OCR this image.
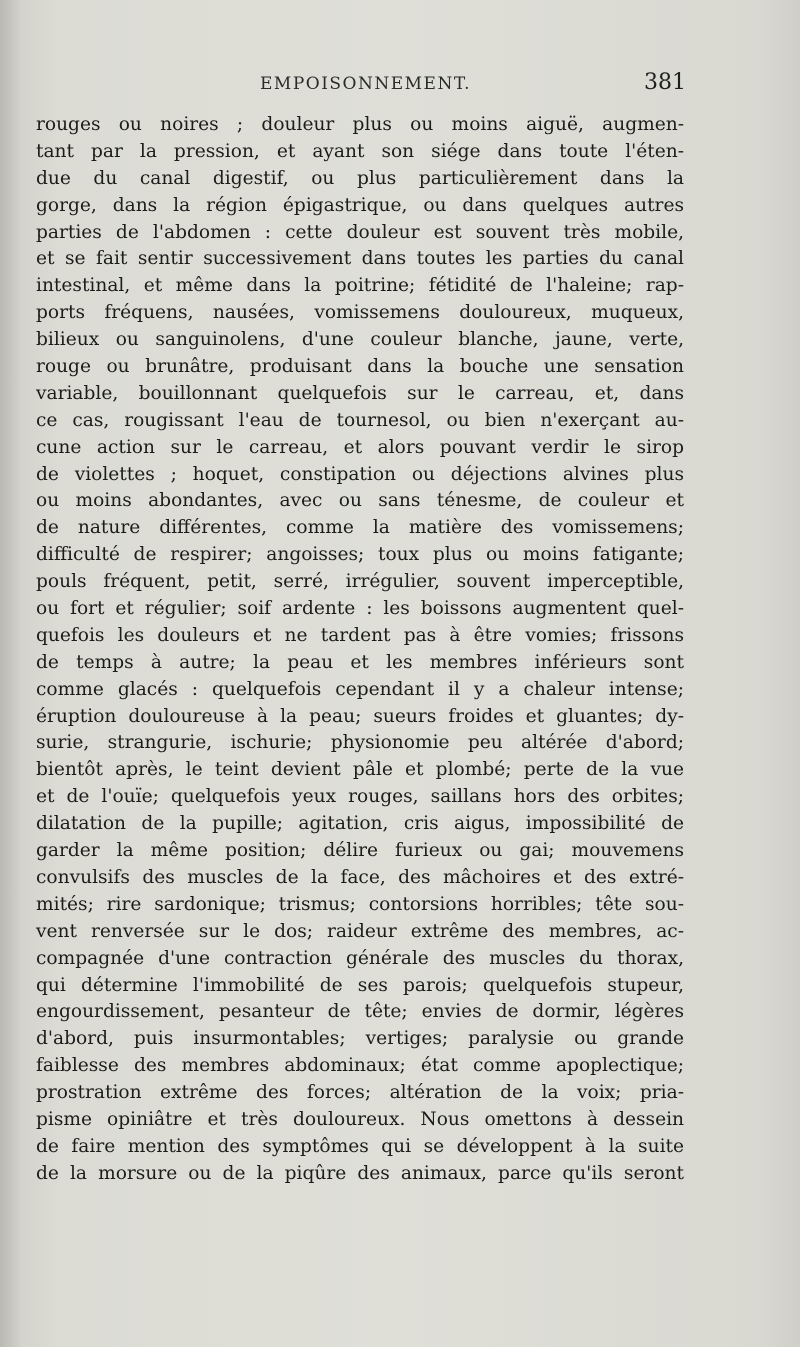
EMPOISONNEMENT.	381
rouges ou noires ; douleur plus ou moins aiguë, augmen-
tant par la pression, et ayant son siége dans toute l'éten-
due du canal digestif, ou plus particulièrement dans la
gorge, dans la région épigastrique, ou dans quelques autres
parties de l'abdomen : cette douleur est souvent très mobile,
et se fait sentir successivement dans toutes les parties du canal
intestinal, et même dans la poitrine; fétidité de l'haleine; rap-
ports fréquens, nausées, vomissemens douloureux, muqueux,
bilieux ou sanguinolens, d'une couleur blanche, jaune, verte,
rouge ou brunâtre, produisant dans la bouche une sensation
variable, bouillonnant quelquefois sur le carreau, et, dans
ce cas, rougissant l'eau de tournesol, ou bien n'exerçant au-
cune action sur le carreau, et alors pouvant verdir le sirop
de violettes ; hoquet, constipation ou déjections alvines plus
ou moins abondantes, avec ou sans ténesme, de couleur et
de nature différentes, comme la matière des vomissemens;
difficulté de respirer; angoisses; toux plus ou moins fatigante;
pouls fréquent, petit, serré, irrégulier, souvent imperceptible,
ou fort et régulier; soif ardente : les boissons augmentent quel-
quefois les douleurs et ne tardent pas à être vomies; frissons
de temps à autre; la peau et les membres inférieurs sont
comme glacés : quelquefois cependant il y a chaleur intense;
éruption douloureuse à la peau; sueurs froides et gluantes; dy-
surie, strangurie, ischurie; physionomie peu altérée d'abord;
bientôt après, le teint devient pâle et plombé; perte de la vue
et de l'ouïe; quelquefois yeux rouges, saillans hors des orbites;
dilatation de la pupille; agitation, cris aigus, impossibilité de
garder la même position; délire furieux ou gai; mouvemens
convulsifs des muscles de la face, des mâchoires et des extré-
mités; rire sardonique; trismus; contorsions horribles; tête sou-
vent renversée sur le dos; raideur extrême des membres, ac-
compagnée d'une contraction générale des muscles du thorax,
qui détermine l'immobilité de ses parois; quelquefois stupeur,
engourdissement, pesanteur de tête; envies de dormir, légères
d'abord, puis insurmontables; vertiges; paralysie ou grande
faiblesse des membres abdominaux; état comme apoplectique;
prostration extrême des forces; altération de la voix; pria-
pisme opiniâtre et très douloureux. Nous omettons à dessein
de faire mention des symptômes qui se développent à la suite
de la morsure ou de la piqûre des animaux, parce qu'ils seront
